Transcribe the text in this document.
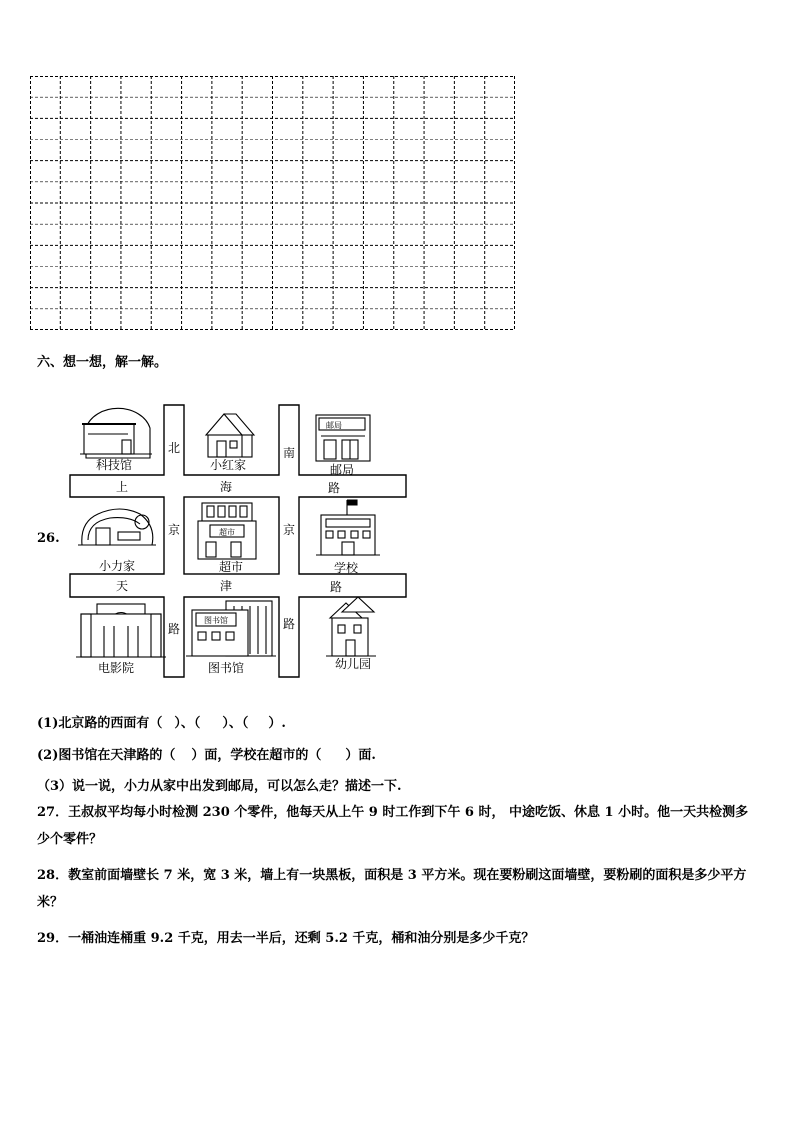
六、想一想，解一解。
26.
北
京
路
南
京
路
上	海	路
天	津	路
邮局
超市
图书馆
科技馆	小红家	邮局
小力家	超市	学校
电影院	图书馆	幼儿园
(1)北京路的西面有（ ）、（ ）、（ ）.
(2)图书馆在天津路的（ ）面，学校在超市的（ ）面.
（3）说一说，小力从家中出发到邮局，可以怎么走？描述一下.
27．王叔叔平均每小时检测 230 个零件，他每天从上午 9 时工作到下午 6 时， 中途吃饭、休息 1 小时。他一天共检测多少个零件？
28．教室前面墙壁长 7 米，宽 3 米，墙上有一块黑板，面积是 3 平方米。现在要粉刷这面墙壁，要粉刷的面积是多少平方米？
29．一桶油连桶重 9.2 千克，用去一半后，还剩 5.2 千克，桶和油分别是多少千克？
